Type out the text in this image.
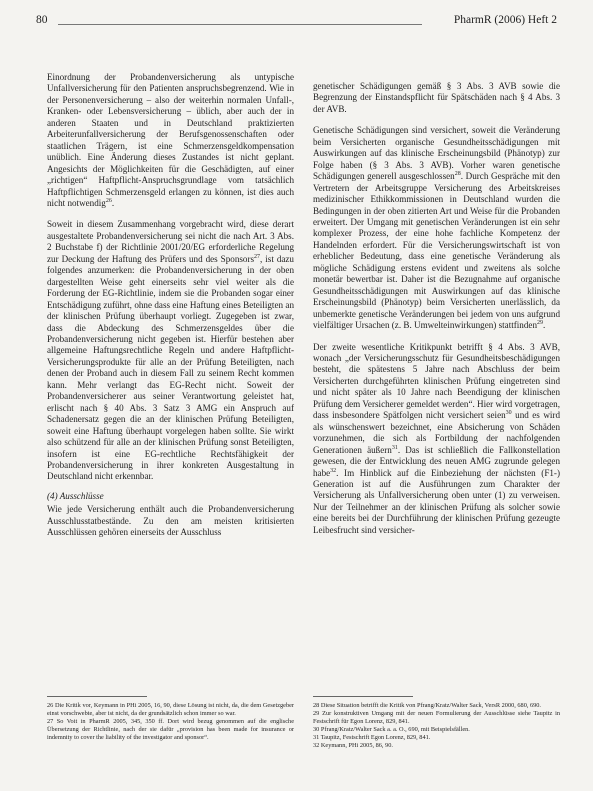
80	PharmR (2006) Heft 2

Einordnung der Probandenversicherung als untypische Unfallversicherung für den Patienten anspruchsbegrenzend. Wie in der Personenversicherung – also der weiterhin normalen Unfall-, Kranken- oder Lebensversicherung – üblich, aber auch der in anderen Staaten und in Deutschland praktizierten Arbeiterunfallversicherung der Berufsgenossenschaften oder staatlichen Trägern, ist eine Schmerzensgeldkompensation unüblich. Eine Änderung dieses Zustandes ist nicht geplant. Angesichts der Möglichkeiten für die Geschädigten, auf einer „richtigen“ Haftpflicht-Anspruchsgrundlage vom tatsächlich Haftpflichtigen Schmerzensgeld erlangen zu können, ist dies auch nicht notwendig$^{26}$.

Soweit in diesem Zusammenhang vorgebracht wird, diese derart ausgestaltete Probandenversicherung sei nicht die nach Art. 3 Abs. 2 Buchstabe f) der Richtlinie 2001/20/EG erforderliche Regelung zur Deckung der Haftung des Prüfers und des Sponsors$^{27}$, ist dazu folgendes anzumerken: die Probandenversicherung in der oben dargestellten Weise geht einerseits sehr viel weiter als die Forderung der EG-Richtlinie, indem sie die Probanden sogar einer Entschädigung zuführt, ohne dass eine Haftung eines Beteiligten an der klinischen Prüfung überhaupt vorliegt. Zugegeben ist zwar, dass die Abdeckung des Schmerzensgeldes über die Probandenversicherung nicht gegeben ist. Hierfür bestehen aber allgemeine Haftungsrechtliche Regeln und andere Haftpflicht-Versicherungsprodukte für alle an der Prüfung Beteiligten, nach denen der Proband auch in diesem Fall zu seinem Recht kommen kann. Mehr verlangt das EG-Recht nicht. Soweit der Probandenversicherer aus seiner Verantwortung geleistet hat, erlischt nach § 40 Abs. 3 Satz 3 AMG ein Anspruch auf Schadenersatz gegen die an der klinischen Prüfung Beteiligten, soweit eine Haftung überhaupt vorgelegen haben sollte. Sie wirkt also schützend für alle an der klinischen Prüfung sonst Beteiligten, insofern ist eine EG-rechtliche Rechtsfähigkeit der Probandenversicherung in ihrer konkreten Ausgestaltung in Deutschland nicht erkennbar.

(4) Ausschlüsse

Wie jede Versicherung enthält auch die Probandenversicherung Ausschlusstatbestände. Zu den am meisten kritisierten Ausschlüssen gehören einerseits der Ausschluss

genetischer Schädigungen gemäß § 3 Abs. 3 AVB sowie die Begrenzung der Einstandspflicht für Spätschäden nach § 4 Abs. 3 der AVB.

Genetische Schädigungen sind versichert, soweit die Veränderung beim Versicherten organische Gesundheitsschädigungen mit Auswirkungen auf das klinische Erscheinungsbild (Phänotyp) zur Folge haben (§ 3 Abs. 3 AVB). Vorher waren genetische Schädigungen generell ausgeschlossen$^{28}$. Durch Gespräche mit den Vertretern der Arbeitsgruppe Versicherung des Arbeitskreises medizinischer Ethikkommissionen in Deutschland wurden die Bedingungen in der oben zitierten Art und Weise für die Probanden erweitert. Der Umgang mit genetischen Veränderungen ist ein sehr komplexer Prozess, der eine hohe fachliche Kompetenz der Handelnden erfordert. Für die Versicherungswirtschaft ist von erheblicher Bedeutung, dass eine genetische Veränderung als mögliche Schädigung erstens evident und zweitens als solche monetär bewertbar ist. Daher ist die Bezugnahme auf organische Gesundheitsschädigungen mit Auswirkungen auf das klinische Erscheinungsbild (Phänotyp) beim Versicherten unerlässlich, da unbemerkte genetische Veränderungen bei jedem von uns aufgrund vielfältiger Ursachen (z. B. Umwelteinwirkungen) stattfinden$^{29}$.

Der zweite wesentliche Kritikpunkt betrifft § 4 Abs. 3 AVB, wonach „der Versicherungsschutz für Gesundheitsbeschädigungen besteht, die spätestens 5 Jahre nach Abschluss der beim Versicherten durchgeführten klinischen Prüfung eingetreten sind und nicht später als 10 Jahre nach Beendigung der klinischen Prüfung dem Versicherer gemeldet werden“. Hier wird vorgetragen, dass insbesondere Spätfolgen nicht versichert seien$^{30}$ und es wird als wünschenswert bezeichnet, eine Absicherung von Schäden vorzunehmen, die sich als Fortbildung der nachfolgenden Generationen äußern$^{31}$. Das ist schließlich die Fallkonstellation gewesen, die der Entwicklung des neuen AMG zugrunde gelegen habe$^{32}$. Im Hinblick auf die Einbeziehung der nächsten (F1-) Generation ist auf die Ausführungen zum Charakter der Versicherung als Unfallversicherung oben unter (1) zu verweisen. Nur der Teilnehmer an der klinischen Prüfung als solcher sowie eine bereits bei der Durchführung der klinischen Prüfung gezeugte Leibesfrucht sind versicher-

26 Die Kritik vor, Keymann in PHi 2005, 16, 90, diese Lösung ist nicht, da, die dem Gesetzgeber einst vorschwebte, aber ist nicht, da der grundsätzlich schon immer so war.

27 So Voit in PharmR 2005, 345, 350 ff. Dort wird bezug genommen auf die englische Übersetzung der Richtlinie, nach der sie dafür „provision has been made for insurance or indemnity to cover the liability of the investigator and sponsor“.

28 Diese Situation betrifft die Kritik von Pfrang/Kratz/Walter Sack, VersR 2000, 680, 690.

29 Zur konstruktiven Umgang mit der neuen Formulierung der Ausschlüsse siehe Taupitz in Festschrift für Egon Lorenz, 829, 841.

30 Pfrang/Kratz/Walter Sack a. a. O., 690, mit Beispielsfällen.

31 Taupitz, Festschrift Egon Lorenz, 829, 841.

32 Keymann, PHi 2005, 86, 90.
